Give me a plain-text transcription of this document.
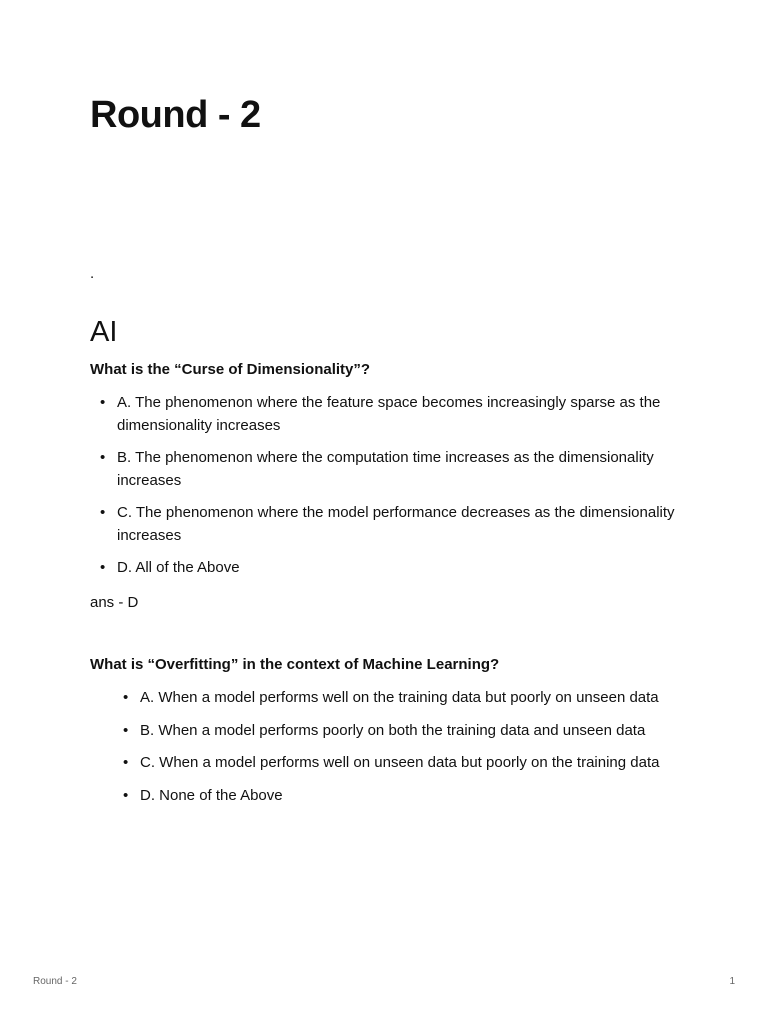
Round - 2
.
AI

What is the “Curse of Dimensionality”?

• A. The phenomenon where the feature space becomes increasingly sparse as the dimensionality increases
• B. The phenomenon where the computation time increases as the dimensionality increases
• C. The phenomenon where the model performance decreases as the dimensionality increases
• D. All of the Above

ans - D

What is “Overfitting” in the context of Machine Learning?

• A. When a model performs well on the training data but poorly on unseen data
• B. When a model performs poorly on both the training data and unseen data
• C. When a model performs well on unseen data but poorly on the training data
• D. None of the Above
Round - 2	1
